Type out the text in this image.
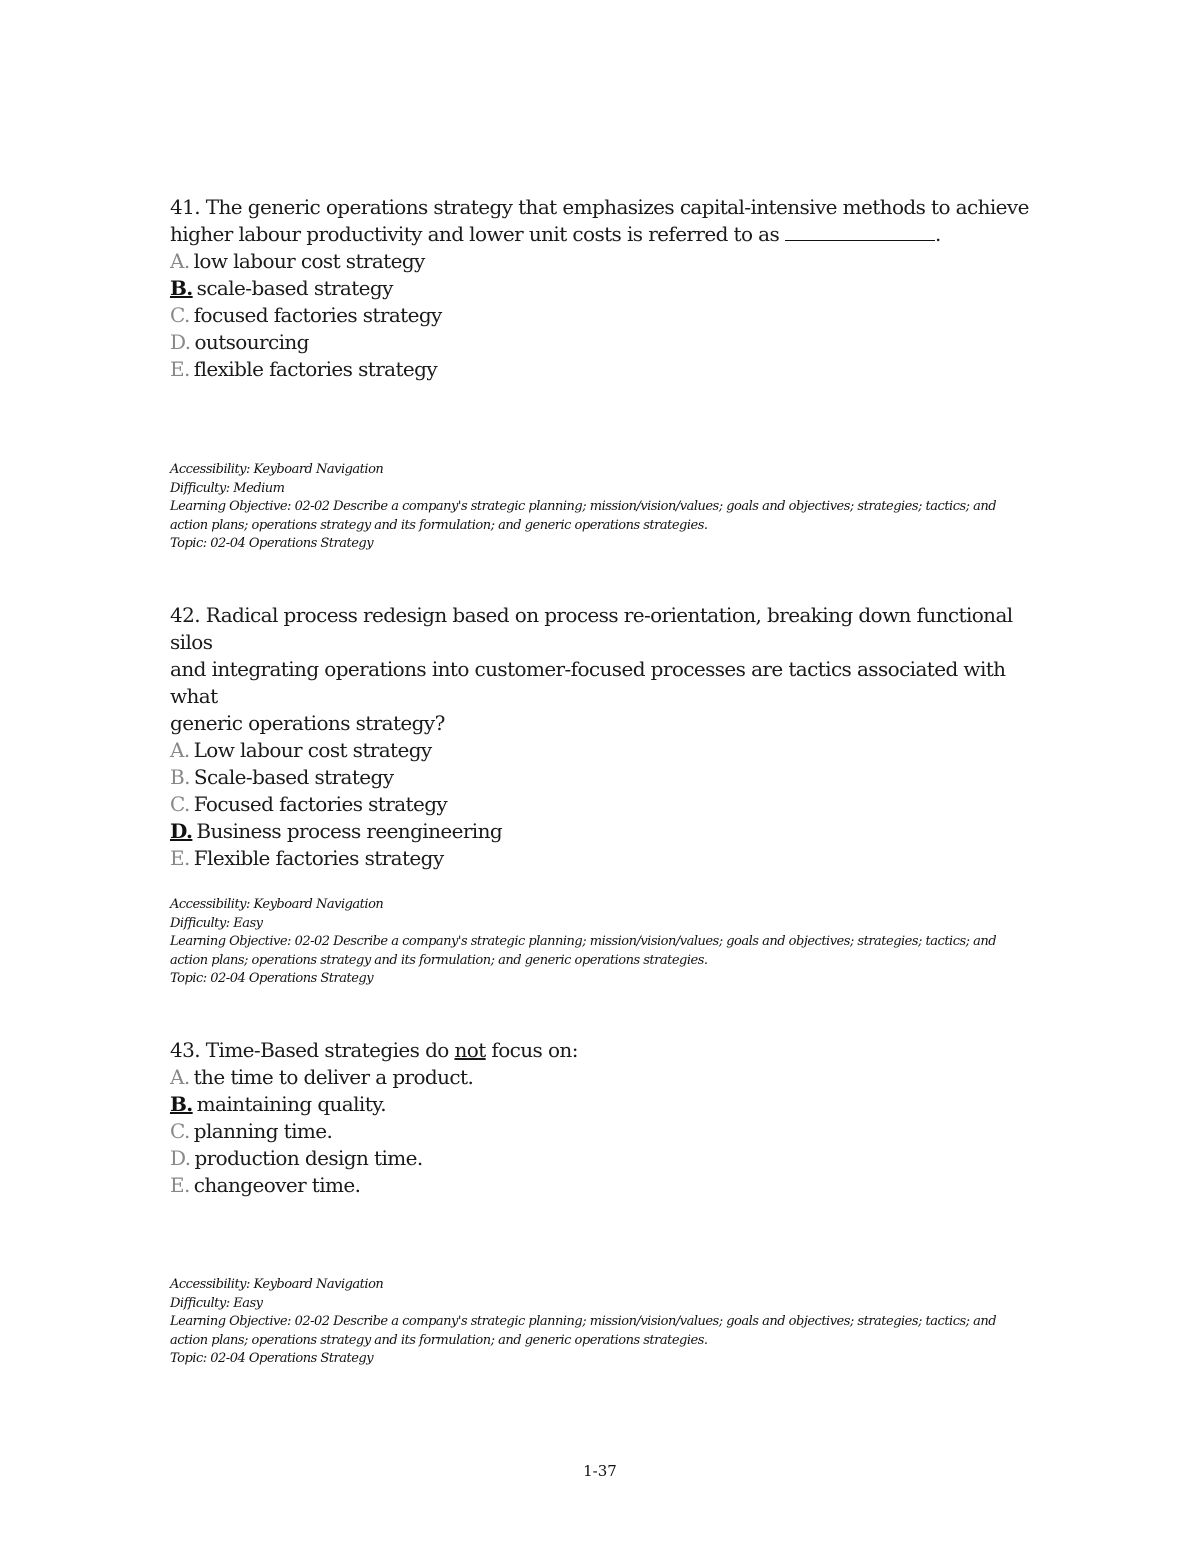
41. The generic operations strategy that emphasizes capital-intensive methods to achieve

higher labour productivity and lower unit costs is referred to as	.

A. low labour cost strategy

B. scale-based strategy

C. focused factories strategy

D. outsourcing

E. flexible factories strategy

Accessibility: Keyboard Navigation
Difficulty: Medium
Learning Objective: 02-02 Describe a company's strategic planning; mission/vision/values; goals and objectives; strategies; tactics; and
action plans; operations strategy and its formulation; and generic operations strategies.
Topic: 02-04 Operations Strategy

42. Radical process redesign based on process re-orientation, breaking down functional silos

and integrating operations into customer-focused processes are tactics associated with what

generic operations strategy?

A. Low labour cost strategy

B. Scale-based strategy

C. Focused factories strategy

D. Business process reengineering

E. Flexible factories strategy

Accessibility: Keyboard Navigation
Difficulty: Easy
Learning Objective: 02-02 Describe a company's strategic planning; mission/vision/values; goals and objectives; strategies; tactics; and
action plans; operations strategy and its formulation; and generic operations strategies.
Topic: 02-04 Operations Strategy

43. Time-Based strategies do not focus on:

A. the time to deliver a product.

B. maintaining quality.

C. planning time.

D. production design time.

E. changeover time.

Accessibility: Keyboard Navigation
Difficulty: Easy
Learning Objective: 02-02 Describe a company's strategic planning; mission/vision/values; goals and objectives; strategies; tactics; and
action plans; operations strategy and its formulation; and generic operations strategies.
Topic: 02-04 Operations Strategy
1-37
